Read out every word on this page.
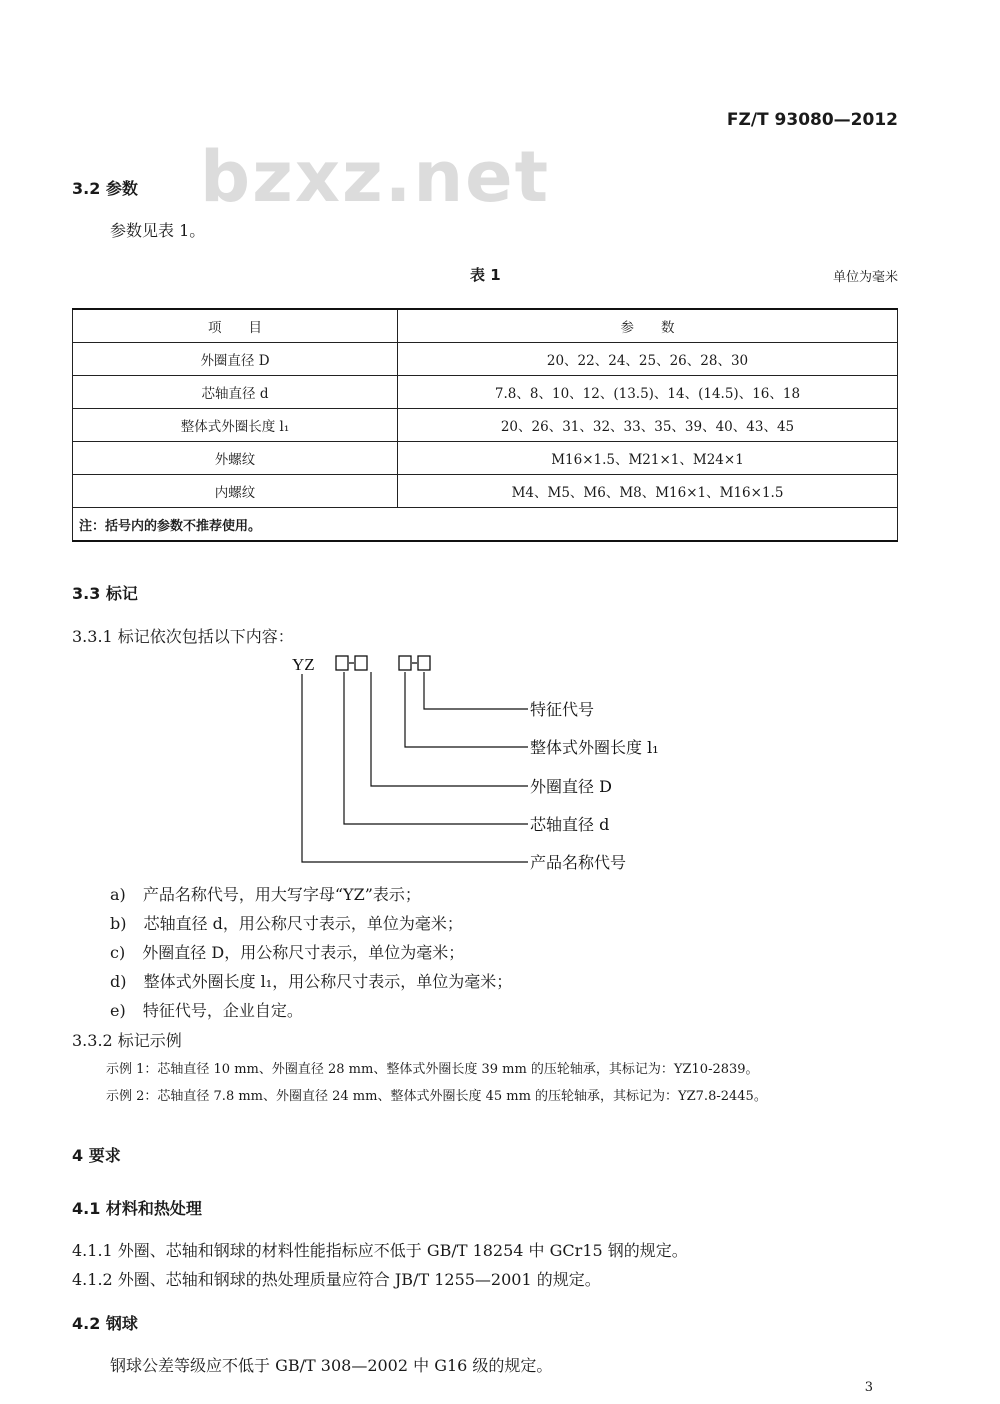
bzxz.net
FZ/T 93080—2012
3.2 参数
参数见表 1。
表 1	单位为毫米
项　　目	参　　数
外圈直径 D	20、22、24、25、26、28、30
芯轴直径 d	7.8、8、10、12、(13.5)、14、(14.5)、16、18
整体式外圈长度 l₁	20、26、31、32、33、35、39、40、43、45
外螺纹	M16×1.5、M21×1、M24×1
内螺纹	M4、M5、M6、M8、M16×1、M16×1.5
注：括号内的参数不推荐使用。	
3.3 标记
3.3.1 标记依次包括以下内容：
YZ
特征代号
整体式外圈长度 l₁
外圈直径 D
芯轴直径 d
产品名称代号
a) 产品名称代号，用大写字母“YZ”表示；
b) 芯轴直径 d，用公称尺寸表示，单位为毫米；
c) 外圈直径 D，用公称尺寸表示，单位为毫米；
d) 整体式外圈长度 l₁，用公称尺寸表示，单位为毫米；
e) 特征代号，企业自定。
3.3.2 标记示例
示例 1：芯轴直径 10 mm、外圈直径 28 mm、整体式外圈长度 39 mm 的压轮轴承，其标记为：YZ10-2839。
示例 2：芯轴直径 7.8 mm、外圈直径 24 mm、整体式外圈长度 45 mm 的压轮轴承，其标记为：YZ7.8-2445。
4 要求
4.1 材料和热处理
4.1.1 外圈、芯轴和钢球的材料性能指标应不低于 GB/T 18254 中 GCr15 钢的规定。
4.1.2 外圈、芯轴和钢球的热处理质量应符合 JB/T 1255—2001 的规定。
4.2 钢球
钢球公差等级应不低于 GB/T 308—2002 中 G16 级的规定。
3
